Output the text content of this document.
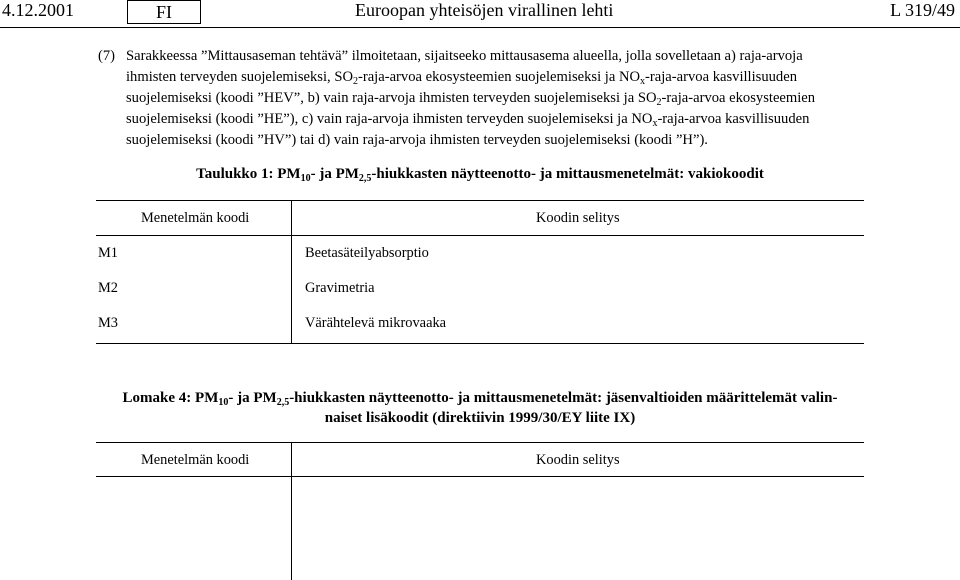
4.12.2001	FI	Euroopan yhteisöjen virallinen lehti	L 319/49
(7) Sarakkeessa ”Mittausaseman tehtävä” ilmoitetaan, sijaitseeko mittausasema alueella, jolla sovelletaan a) raja-arvoja
ihmisten terveyden suojelemiseksi, $SO_2-raja$-arvoa ekosysteemien suojelemiseksi ja $NO_x-raja$-arvoa kasvillisuuden
suojelemiseksi (koodi ”HEV”, b) vain raja-arvoja ihmisten terveyden suojelemiseksi ja $SO_2-raja$-arvoa ekosysteemien
suojelemiseksi (koodi ”HE”), c) vain raja-arvoja ihmisten terveyden suojelemiseksi ja $NO_x-raja$-arvoa kasvillisuuden
suojelemiseksi (koodi ”HV”) tai d) vain raja-arvoja ihmisten terveyden suojelemiseksi (koodi ”H”).
Taulukko 1: $PM_{10}-$ ja $PM_{2,5}$-hiukkasten näytteenotto- ja mittausmenetelmät: vakiokoodit
Menetelmän koodi	Koodin selitys
M1	Beetasäteilyabsorptio
M2	Gravimetria
M3	Värähtelevä mikrovaaka
Lomake 4: $PM_{10}-$ ja $PM_{2,5}$-hiukkasten näytteenotto- ja mittausmenetelmät: jäsenvaltioiden määrittelemät valin-
naiset lisäkoodit (direktiivin 1999/30/EY liite IX)
Menetelmän koodi	Koodin selitys
